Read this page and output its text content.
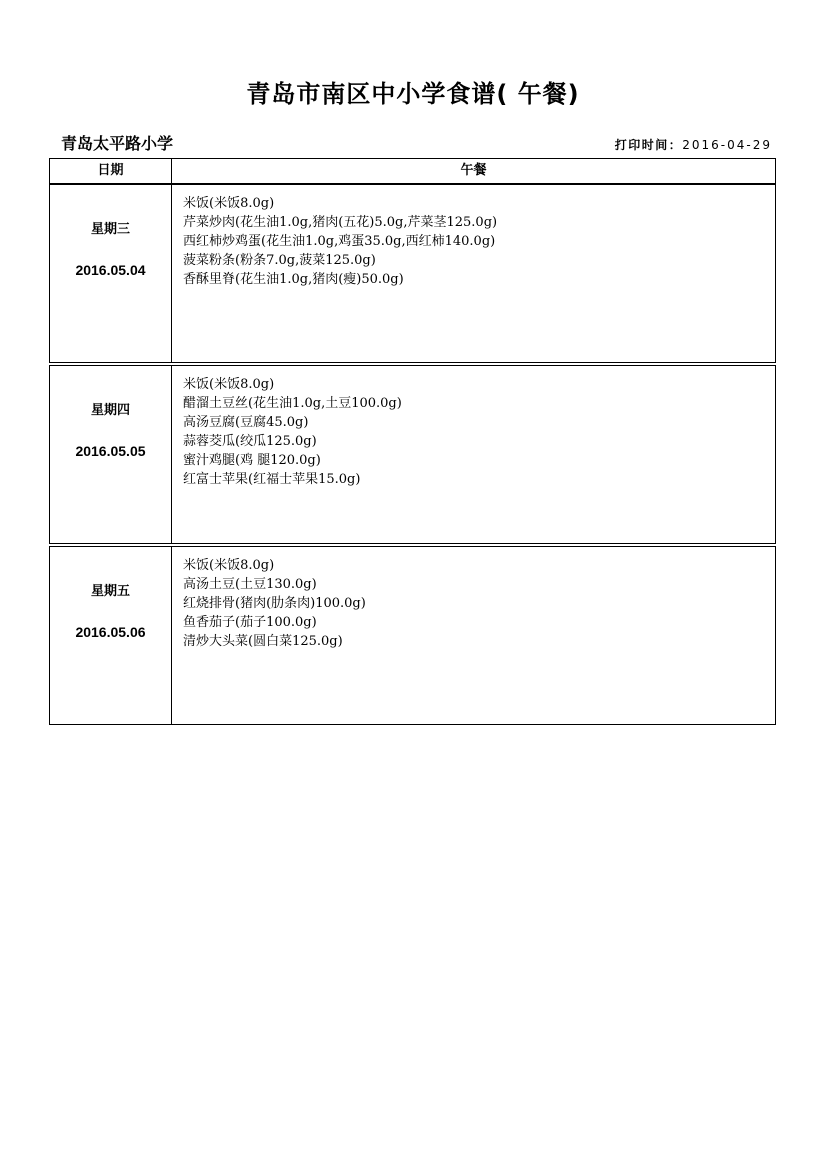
青岛市南区中小学食谱( 午餐)
青岛太平路小学	打印时间：2016-04-29
日期	午餐
星期三
2016.05.04
米饭(米饭8.0g)
芹菜炒肉(花生油1.0g,猪肉(五花)5.0g,芹菜茎125.0g)
西红柿炒鸡蛋(花生油1.0g,鸡蛋35.0g,西红柿140.0g)
菠菜粉条(粉条7.0g,菠菜125.0g)
香酥里脊(花生油1.0g,猪肉(瘦)50.0g)
星期四
2016.05.05
米饭(米饭8.0g)
醋溜土豆丝(花生油1.0g,土豆100.0g)
高汤豆腐(豆腐45.0g)
蒜蓉茭瓜(绞瓜125.0g)
蜜汁鸡腿(鸡 腿120.0g)
红富士苹果(红福士苹果15.0g)
星期五
2016.05.06
米饭(米饭8.0g)
高汤土豆(土豆130.0g)
红烧排骨(猪肉(肋条肉)100.0g)
鱼香茄子(茄子100.0g)
清炒大头菜(圆白菜125.0g)
